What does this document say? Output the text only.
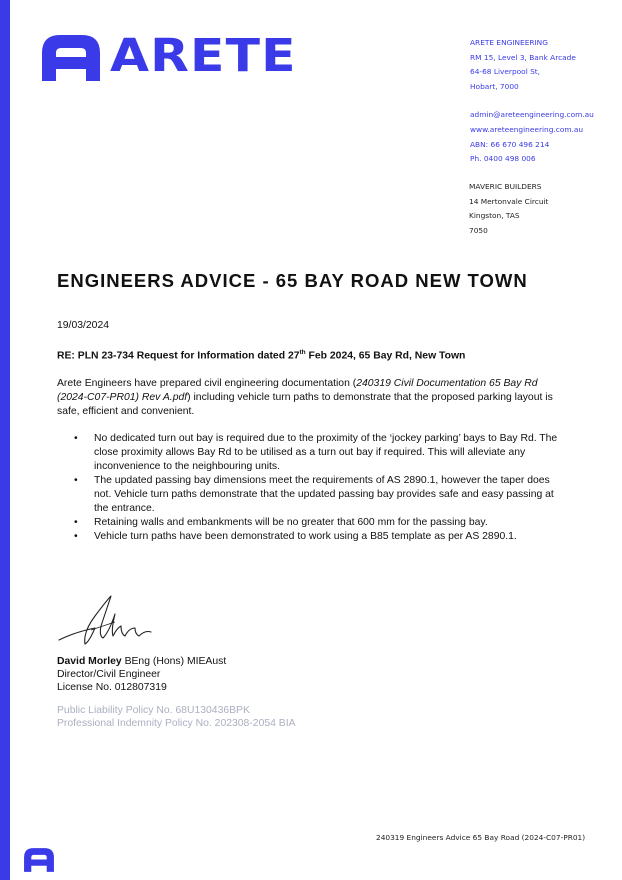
ARETE	ARETE ENGINEERING
RM 15, Level 3, Bank Arcade
64-68 Liverpool St,
Hobart, 7000
admin@areteengineering.com.au
www.areteengineering.com.au
ABN: 66 670 496 214
Ph. 0400 498 006
MAVERIC BUILDERS
14 Mertonvale Circuit
Kingston, TAS
7050
ENGINEERS ADVICE - 65 BAY ROAD NEW TOWN
19/03/2024
RE: PLN 23-734 Request for Information dated 27th Feb 2024, 65 Bay Rd, New Town
Arete Engineers have prepared civil engineering documentation (240319 Civil Documentation 65 Bay Rd (2024-C07-PR01) Rev A.pdf) including vehicle turn paths to demonstrate that the proposed parking layout is safe, efficient and convenient.
• No dedicated turn out bay is required due to the proximity of the ‘jockey parking’ bays to Bay Rd. The close proximity allows Bay Rd to be utilised as a turn out bay if required. This will alleviate any inconvenience to the neighbouring units.
• The updated passing bay dimensions meet the requirements of AS 2890.1, however the taper does not. Vehicle turn paths demonstrate that the updated passing bay provides safe and easy passing at the entrance.
• Retaining walls and embankments will be no greater that 600 mm for the passing bay.
• Vehicle turn paths have been demonstrated to work using a B85 template as per AS 2890.1.
David Morley BEng (Hons) MIEAust
Director/Civil Engineer
License No. 012807319
Public Liability Policy No. 68U130436BPK
Professional Indemnity Policy No. 202308-2054 BIA
240319 Engineers Advice 65 Bay Road (2024-C07-PR01)
